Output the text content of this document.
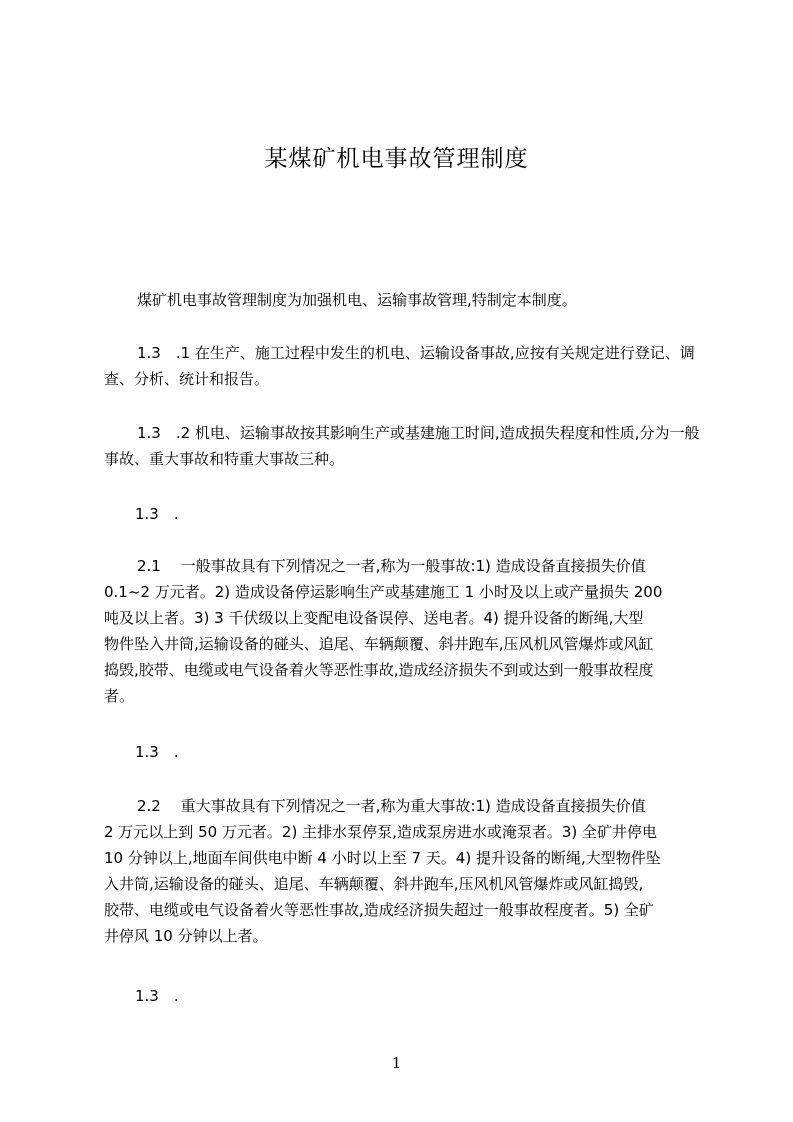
某煤矿机电事故管理制度

煤矿机电事故管理制度为加强机电、运输事故管理,特制定本制度。

1.3　.1 在生产、施工过程中发生的机电、运输设备事故,应按有关规定进行登记、调查、分析、统计和报告。

1.3　.2 机电、运输事故按其影响生产或基建施工时间,造成损失程度和性质,分为一般事故、重大事故和特重大事故三种。

1.3　.

2.1　 一般事故具有下列情况之一者,称为一般事故:1) 造成设备直接损失价值
0.1~2 万元者。2) 造成设备停运影响生产或基建施工 1 小时及以上或产量损失 200
吨及以上者。3) 3 千伏级以上变配电设备误停、送电者。4) 提升设备的断绳,大型
物件坠入井筒,运输设备的碰头、追尾、车辆颠覆、斜井跑车,压风机风管爆炸或风缸
捣毁,胶带、电缆或电气设备着火等恶性事故,造成经济损失不到或达到一般事故程度
者。

1.3　.

2.2　 重大事故具有下列情况之一者,称为重大事故:1) 造成设备直接损失价值
2 万元以上到 50 万元者。2) 主排水泵停泵,造成泵房进水或淹泵者。3) 全矿井停电
10 分钟以上,地面车间供电中断 4 小时以上至 7 天。4) 提升设备的断绳,大型物件坠
入井筒,运输设备的碰头、追尾、车辆颠覆、斜井跑车,压风机风管爆炸或风缸捣毁,
胶带、电缆或电气设备着火等恶性事故,造成经济损失超过一般事故程度者。5) 全矿
井停风 10 分钟以上者。

1.3　.

1
